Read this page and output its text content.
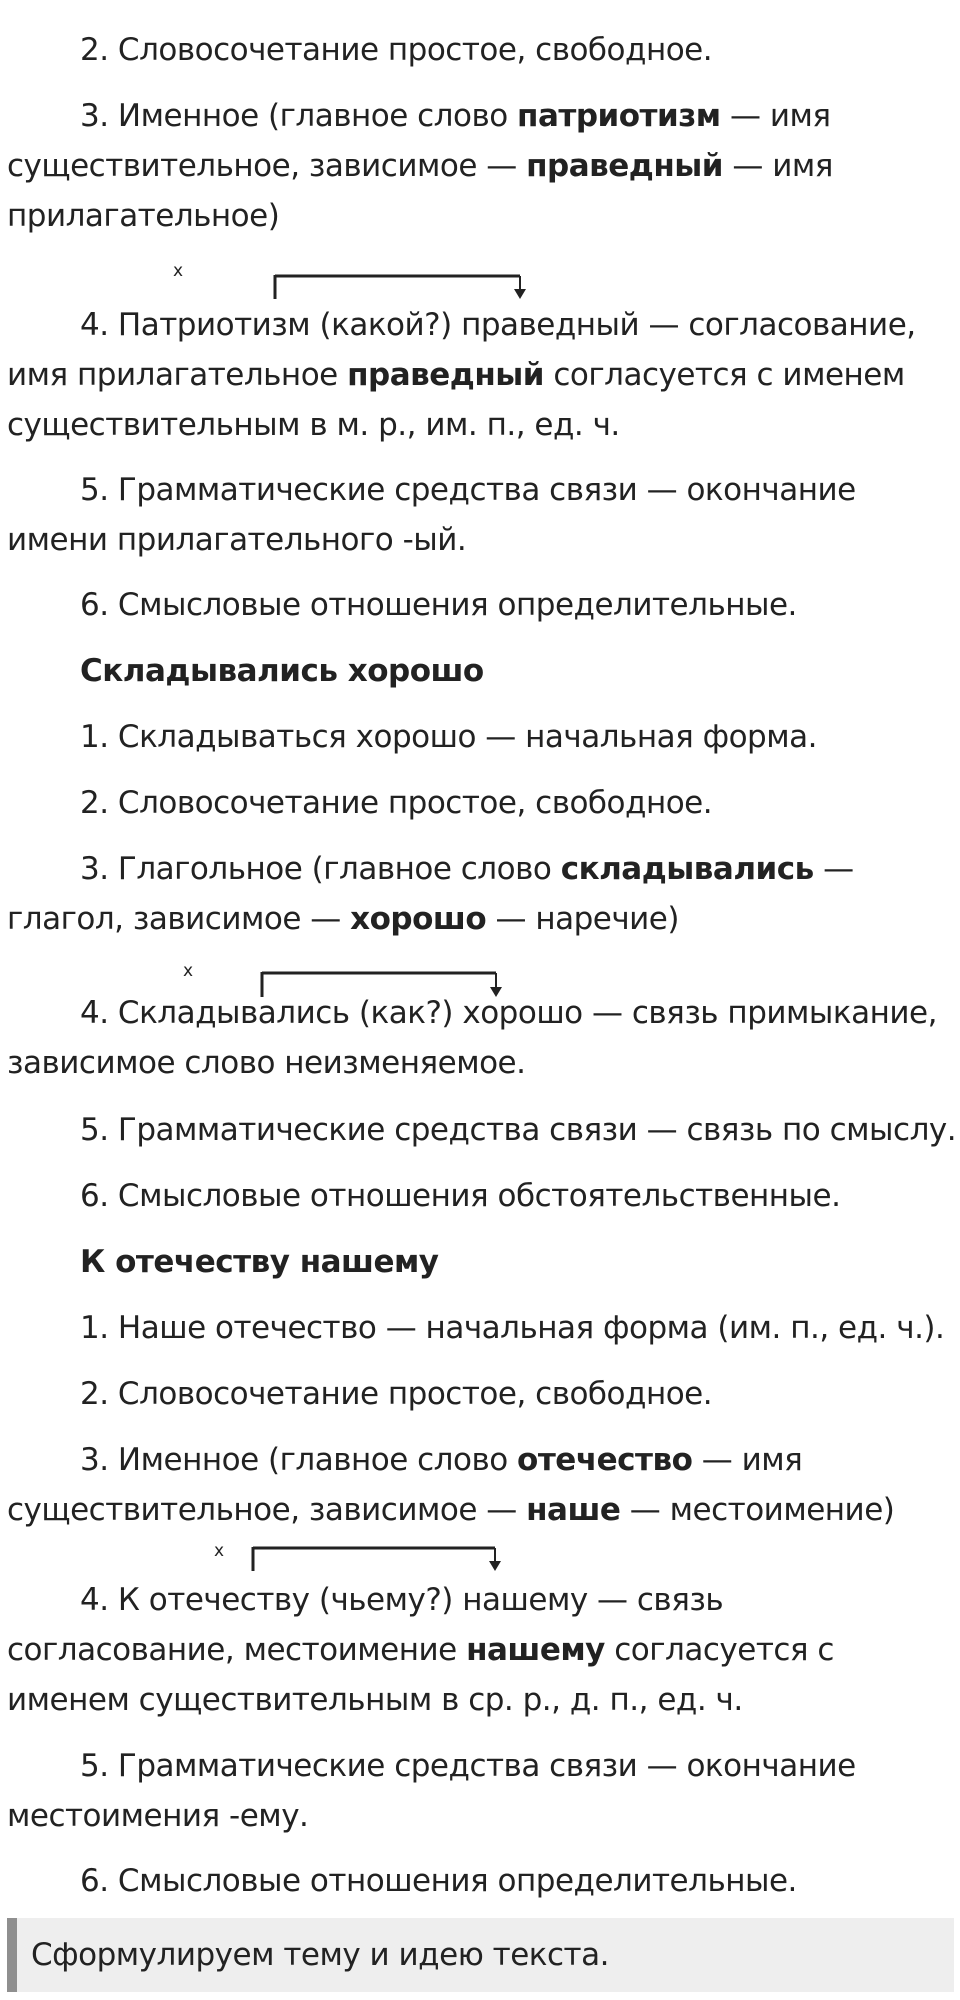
2. Словосочетание простое, свободное.

3. Именное (главное слово патриотизм — имя существительное, зависимое — праведный — имя прилагательное)

x

4. Патриотизм (какой?) праведный — согласование, имя прилагательное праведный согласуется с именем существительным в м. р., им. п., ед. ч.

5. Грамматические средства связи — окончание имени прилагательного -ый.

6. Смысловые отношения определительные.

Складывались хорошо

1. Складываться хорошо — начальная форма.

2. Словосочетание простое, свободное.

3. Глагольное (главное слово складывались — глагол, зависимое — хорошо — наречие)

x

4. Складывались (как?) хорошо — связь примыкание, зависимое слово неизменяемое.

5. Грамматические средства связи — связь по смыслу.

6. Смысловые отношения обстоятельственные.

К отечеству нашему

1. Наше отечество — начальная форма (им. п., ед. ч.).

2. Словосочетание простое, свободное.

3. Именное (главное слово отечество — имя существительное, зависимое — наше — местоимение)

x

4. К отечеству (чьему?) нашему — связь согласование, местоимение нашему согласуется с именем существительным в ср. р., д. п., ед. ч.

5. Грамматические средства связи — окончание местоимения -ему.

6. Смысловые отношения определительные.

Сформулируем тему и идею текста.
